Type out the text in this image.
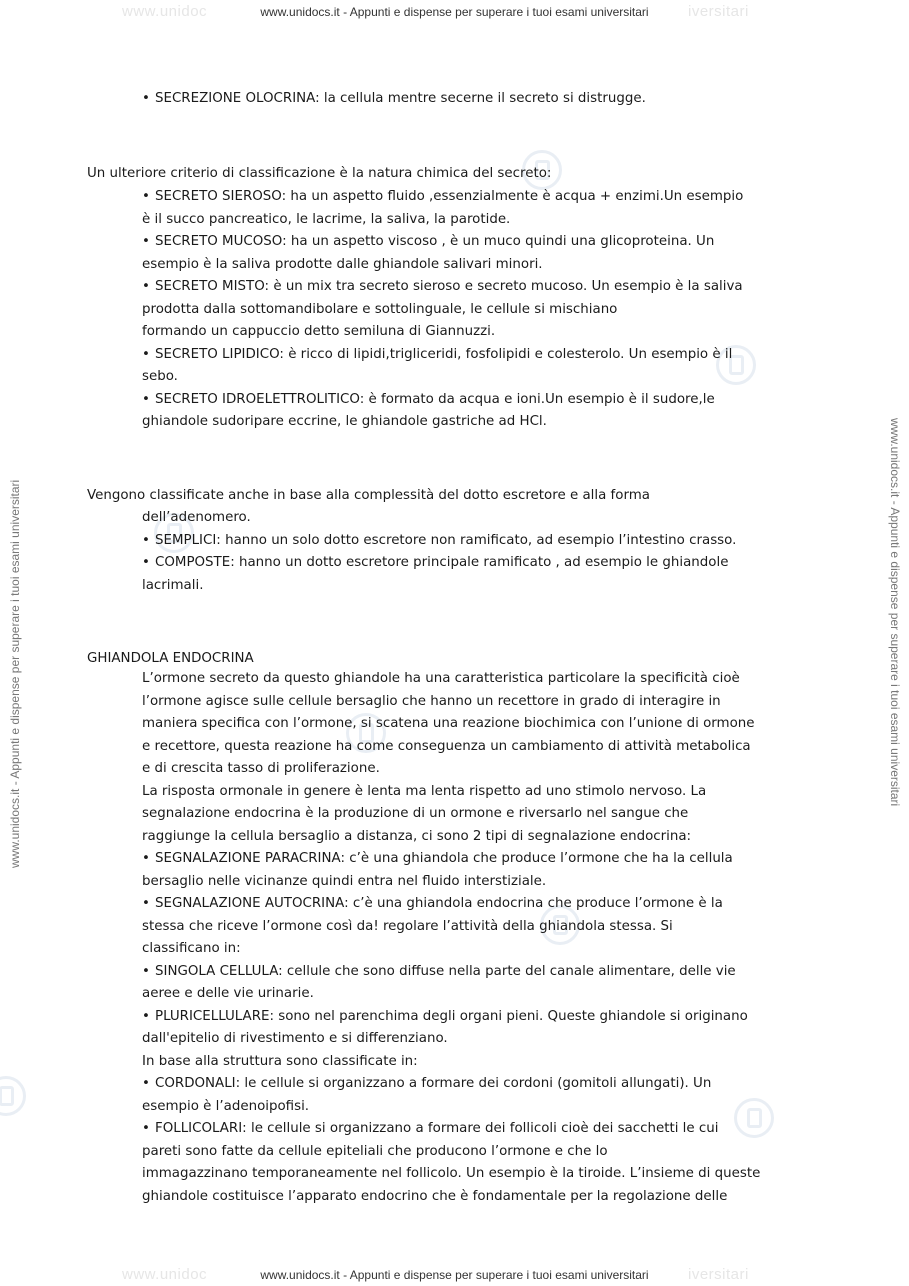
www.unidoc	iversitari
www.unidocs.it - Appunti e dispense per superare i tuoi esami universitari
www.unidoc	iversitari
www.unidocs.it - Appunti e dispense per superare i tuoi esami universitari
www.unidocs.it - Appunti e dispense per superare i tuoi esami universitari	www.unidocs.it - Appunti e dispense per superare i tuoi esami universitari

• SECREZIONE OLOCRINA: la cellula mentre secerne il secreto si distrugge.

Un ulteriore criterio di classificazione è la natura chimica del secreto:

• SECRETO SIEROSO: ha un aspetto fluido ,essenzialmente è acqua + enzimi.Un esempio

è il succo pancreatico, le lacrime, la saliva, la parotide.

• SECRETO MUCOSO: ha un aspetto viscoso , è un muco quindi una glicoproteina. Un

esempio è la saliva prodotte dalle ghiandole salivari minori.

• SECRETO MISTO: è un mix tra secreto sieroso e secreto mucoso. Un esempio è la saliva

prodotta dalla sottomandibolare e sottolinguale, le cellule si mischiano

formando un cappuccio detto semiluna di Giannuzzi.

• SECRETO LIPIDICO: è ricco di lipidi,trigliceridi, fosfolipidi e colesterolo. Un esempio è il

sebo.

• SECRETO IDROELETTROLITICO: è formato da acqua e ioni.Un esempio è il sudore,le

ghiandole sudoripare eccrine, le ghiandole gastriche ad HCl.

Vengono classificate anche in base alla complessità del dotto escretore e alla forma

dell’adenomero.

• SEMPLICI: hanno un solo dotto escretore non ramificato, ad esempio l’intestino crasso.

• COMPOSTE: hanno un dotto escretore principale ramificato , ad esempio le ghiandole

lacrimali.

GHIANDOLA ENDOCRINA

L’ormone secreto da questo ghiandole ha una caratteristica particolare la specificità cioè

l’ormone agisce sulle cellule bersaglio che hanno un recettore in grado di interagire in

maniera specifica con l’ormone, si scatena una reazione biochimica con l’unione di ormone

e recettore, questa reazione ha come conseguenza un cambiamento di attività metabolica

e di crescita tasso di proliferazione.

La risposta ormonale in genere è lenta ma lenta rispetto ad uno stimolo nervoso. La

segnalazione endocrina è la produzione di un ormone e riversarlo nel sangue che

raggiunge la cellula bersaglio a distanza, ci sono 2 tipi di segnalazione endocrina:

• SEGNALAZIONE PARACRINA: c’è una ghiandola che produce l’ormone che ha la cellula

bersaglio nelle vicinanze quindi entra nel fluido interstiziale.

• SEGNALAZIONE AUTOCRINA: c’è una ghiandola endocrina che produce l’ormone è la

stessa che riceve l’ormone così da! regolare l’attività della ghiandola stessa. Si

classificano in:

• SINGOLA CELLULA: cellule che sono diffuse nella parte del canale alimentare, delle vie

aeree e delle vie urinarie.

• PLURICELLULARE: sono nel parenchima degli organi pieni. Queste ghiandole si originano

dall'epitelio di rivestimento e si differenziano.

In base alla struttura sono classificate in:

• CORDONALI: le cellule si organizzano a formare dei cordoni (gomitoli allungati). Un

esempio è l’adenoipofisi.

• FOLLICOLARI: le cellule si organizzano a formare dei follicoli cioè dei sacchetti le cui

pareti sono fatte da cellule epiteliali che producono l’ormone e che lo

immagazzinano temporaneamente nel follicolo. Un esempio è la tiroide. L’insieme di queste

ghiandole costituisce l’apparato endocrino che è fondamentale per la regolazione delle
